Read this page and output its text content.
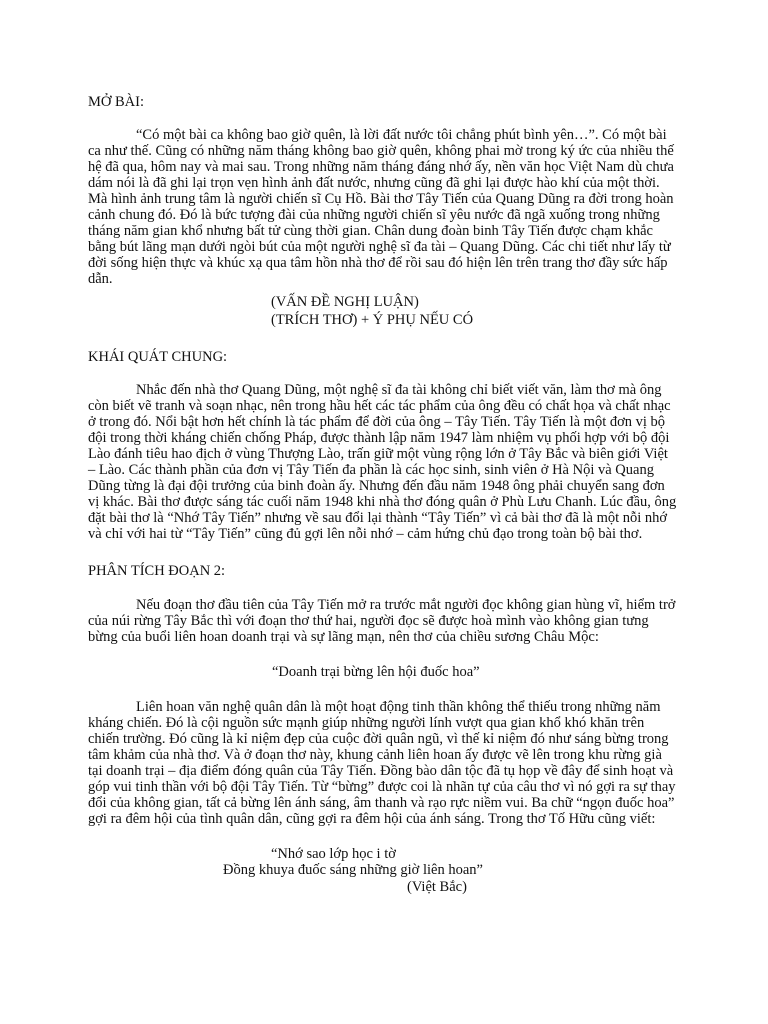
MỞ BÀI:
“Có một bài ca không bao giờ quên, là lời đất nước tôi chẳng phút bình yên…”. Có một bài
ca như thế. Cũng có những năm tháng không bao giờ quên, không phai mờ trong ký ức của nhiều thế
hệ đã qua, hôm nay và mai sau. Trong những năm tháng đáng nhớ ấy, nền văn học Việt Nam dù chưa
dám nói là đã ghi lại trọn vẹn hình ảnh đất nước, nhưng cũng đã ghi lại được hào khí của một thời.
Mà hình ảnh trung tâm là người chiến sĩ Cụ Hồ. Bài thơ Tây Tiến của Quang Dũng ra đời trong hoàn
cảnh chung đó. Đó là bức tượng đài của những người chiến sĩ yêu nước đã ngã xuống trong những
tháng năm gian khổ nhưng bất tử cùng thời gian. Chân dung đoàn binh Tây Tiến được chạm khắc
bằng bút lãng mạn dưới ngòi bút của một người nghệ sĩ đa tài – Quang Dũng. Các chi tiết như lấy từ
đời sống hiện thực và khúc xạ qua tâm hồn nhà thơ để rồi sau đó hiện lên trên trang thơ đầy sức hấp
dẫn.
(VẤN ĐỀ NGHỊ LUẬN)
(TRÍCH THƠ) + Ý PHỤ NẾU CÓ
KHÁI QUÁT CHUNG:
Nhắc đến nhà thơ Quang Dũng, một nghệ sĩ đa tài không chỉ biết viết văn, làm thơ mà ông
còn biết vẽ tranh và soạn nhạc, nên trong hầu hết các tác phẩm của ông đều có chất họa và chất nhạc
ở trong đó. Nổi bật hơn hết chính là tác phẩm để đời của ông – Tây Tiến. Tây Tiến là một đơn vị bộ
đội trong thời kháng chiến chống Pháp, được thành lập năm 1947 làm nhiệm vụ phối hợp với bộ đội
Lào đánh tiêu hao địch ở vùng Thượng Lào, trấn giữ một vùng rộng lớn ở Tây Bắc và biên giới Việt
– Lào. Các thành phần của đơn vị Tây Tiến đa phần là các học sinh, sinh viên ở Hà Nội và Quang
Dũng từng là đại đội trưởng của binh đoàn ấy. Nhưng đến đầu năm 1948 ông phải chuyển sang đơn
vị khác. Bài thơ được sáng tác cuối năm 1948 khi nhà thơ đóng quân ở Phù Lưu Chanh. Lúc đầu, ông
đặt bài thơ là “Nhớ Tây Tiến” nhưng về sau đổi lại thành “Tây Tiến” vì cả bài thơ đã là một nỗi nhớ
và chỉ với hai từ “Tây Tiến” cũng đủ gợi lên nỗi nhớ – cảm hứng chủ đạo trong toàn bộ bài thơ.
PHÂN TÍCH ĐOẠN 2:
Nếu đoạn thơ đầu tiên của Tây Tiến mở ra trước mắt người đọc không gian hùng vĩ, hiểm trở
của núi rừng Tây Bắc thì với đoạn thơ thứ hai, người đọc sẽ được hoà mình vào không gian tưng
bừng của buổi liên hoan doanh trại và sự lãng mạn, nên thơ của chiều sương Châu Mộc:
“Doanh trại bừng lên hội đuốc hoa”
Liên hoan văn nghệ quân dân là một hoạt động tinh thần không thể thiếu trong những năm
kháng chiến. Đó là cội nguồn sức mạnh giúp những người lính vượt qua gian khổ khó khăn trên
chiến trường. Đó cũng là kỉ niệm đẹp của cuộc đời quân ngũ, vì thế kỉ niệm đó như sáng bừng trong
tâm khảm của nhà thơ. Và ở đoạn thơ này, khung cảnh liên hoan ấy được vẽ lên trong khu rừng già
tại doanh trại – địa điểm đóng quân của Tây Tiến. Đồng bào dân tộc đã tụ họp về đây để sinh hoạt và
góp vui tinh thần với bộ đội Tây Tiến. Từ “bừng” được coi là nhãn tự của câu thơ vì nó gợi ra sự thay
đổi của không gian, tất cả bừng lên ánh sáng, âm thanh và rạo rực niềm vui. Ba chữ “ngọn đuốc hoa”
gợi ra đêm hội của tình quân dân, cũng gợi ra đêm hội của ánh sáng. Trong thơ Tố Hữu cũng viết:
“Nhớ sao lớp học i tờ
Đồng khuya đuốc sáng những giờ liên hoan”
(Việt Bắc)
